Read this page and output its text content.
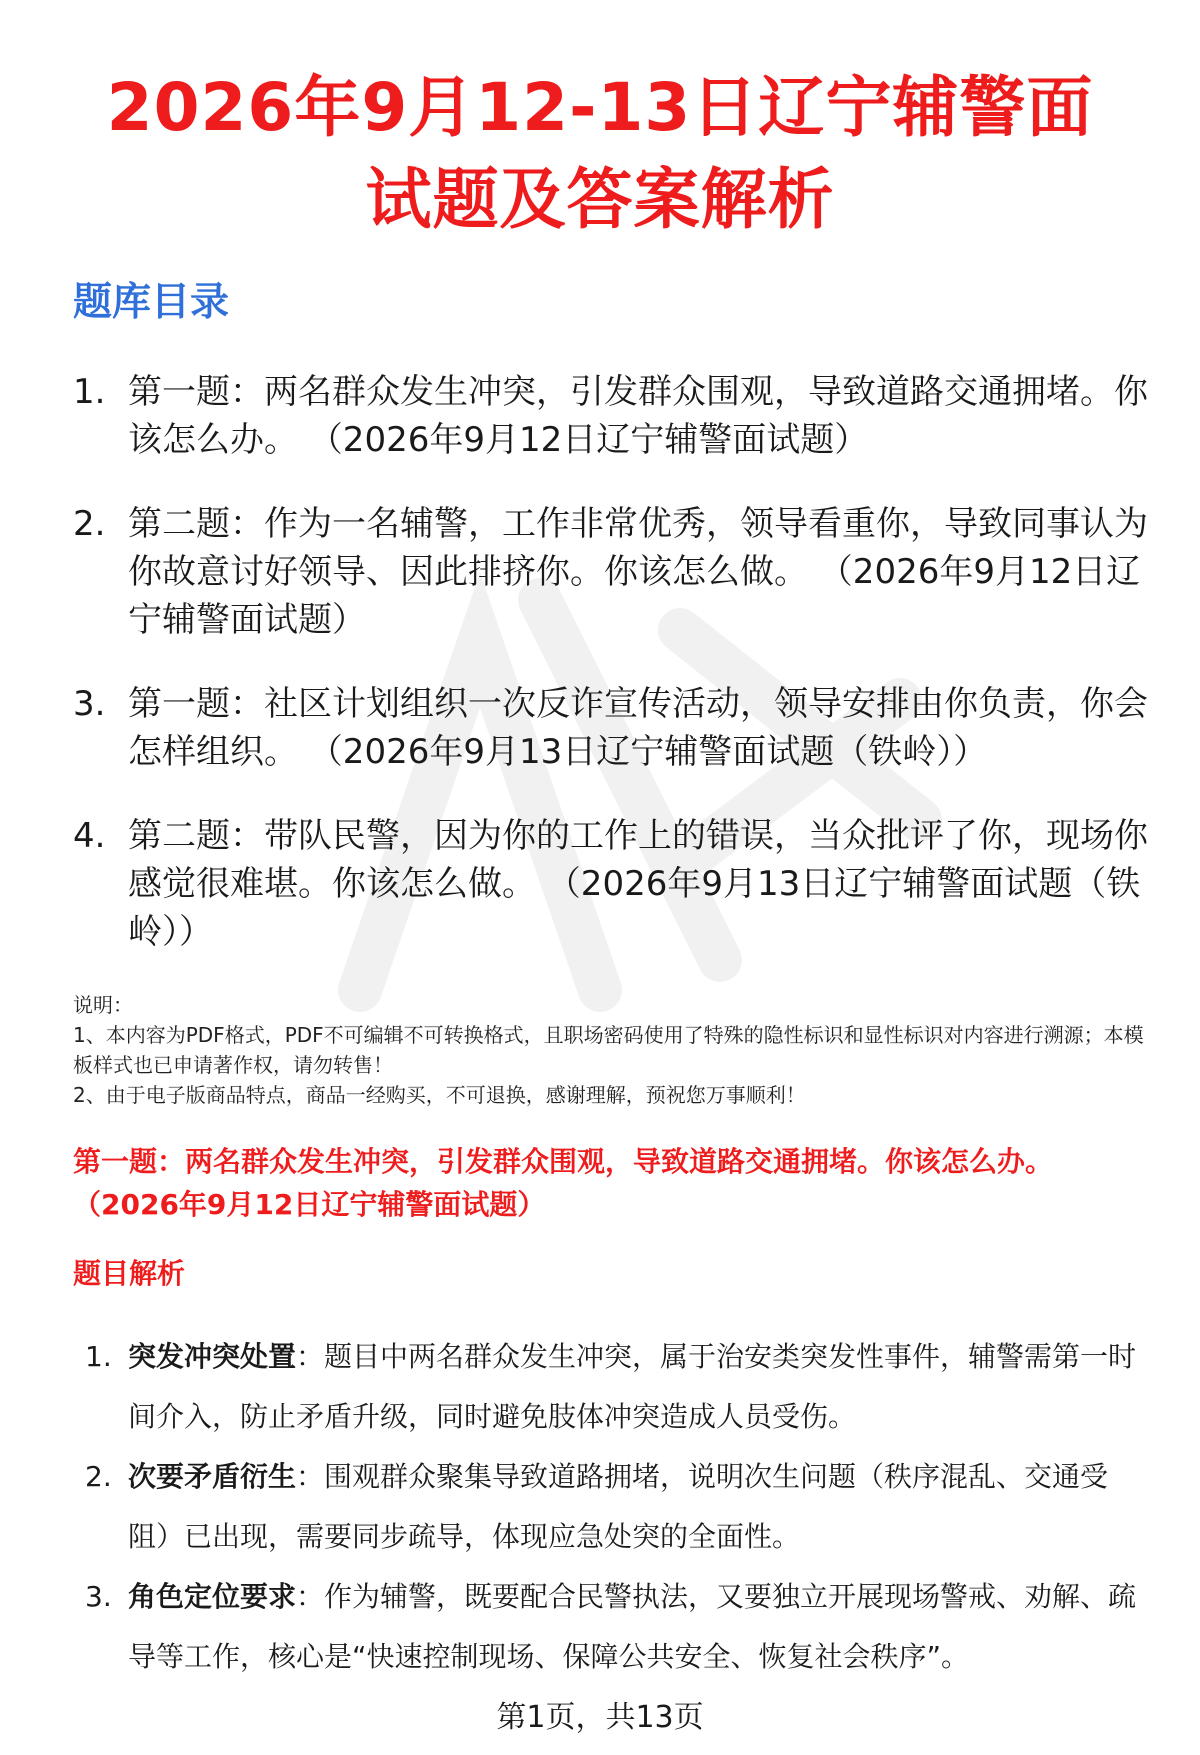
2026年9月12-13日辽宁辅警面试题及答案解析
题库目录
1. 第一题：两名群众发生冲突，引发群众围观，导致道路交通拥堵。你该怎么办。 （2026年9月12日辽宁辅警面试题）
2. 第二题：作为一名辅警，工作非常优秀，领导看重你，导致同事认为你故意讨好领导、因此排挤你。你该怎么做。 （2026年9月12日辽宁辅警面试题）
3. 第一题：社区计划组织一次反诈宣传活动，领导安排由你负责，你会怎样组织。 （2026年9月13日辽宁辅警面试题（铁岭））
4. 第二题：带队民警，因为你的工作上的错误，当众批评了你，现场你感觉很难堪。你该怎么做。 （2026年9月13日辽宁辅警面试题（铁岭））

说明：

1、本内容为PDF格式，PDF不可编辑不可转换格式，且职场密码使用了特殊的隐性标识和显性标识对内容进行溯源；本模板样式也已申请著作权，请勿转售！

2、由于电子版商品特点，商品一经购买，不可退换，感谢理解，预祝您万事顺利！

第一题：两名群众发生冲突，引发群众围观，导致道路交通拥堵。你该怎么办。 （2026年9月12日辽宁辅警面试题）
题目解析
1. 突发冲突处置：题目中两名群众发生冲突，属于治安类突发性事件，辅警需第一时间介入，防止矛盾升级，同时避免肢体冲突造成人员受伤。
2. 次要矛盾衍生：围观群众聚集导致道路拥堵，说明次生问题（秩序混乱、交通受阻）已出现，需要同步疏导，体现应急处突的全面性。
3. 角色定位要求：作为辅警，既要配合民警执法，又要独立开展现场警戒、劝解、疏导等工作，核心是“快速控制现场、保障公共安全、恢复社会秩序”。
第1页，共13页
